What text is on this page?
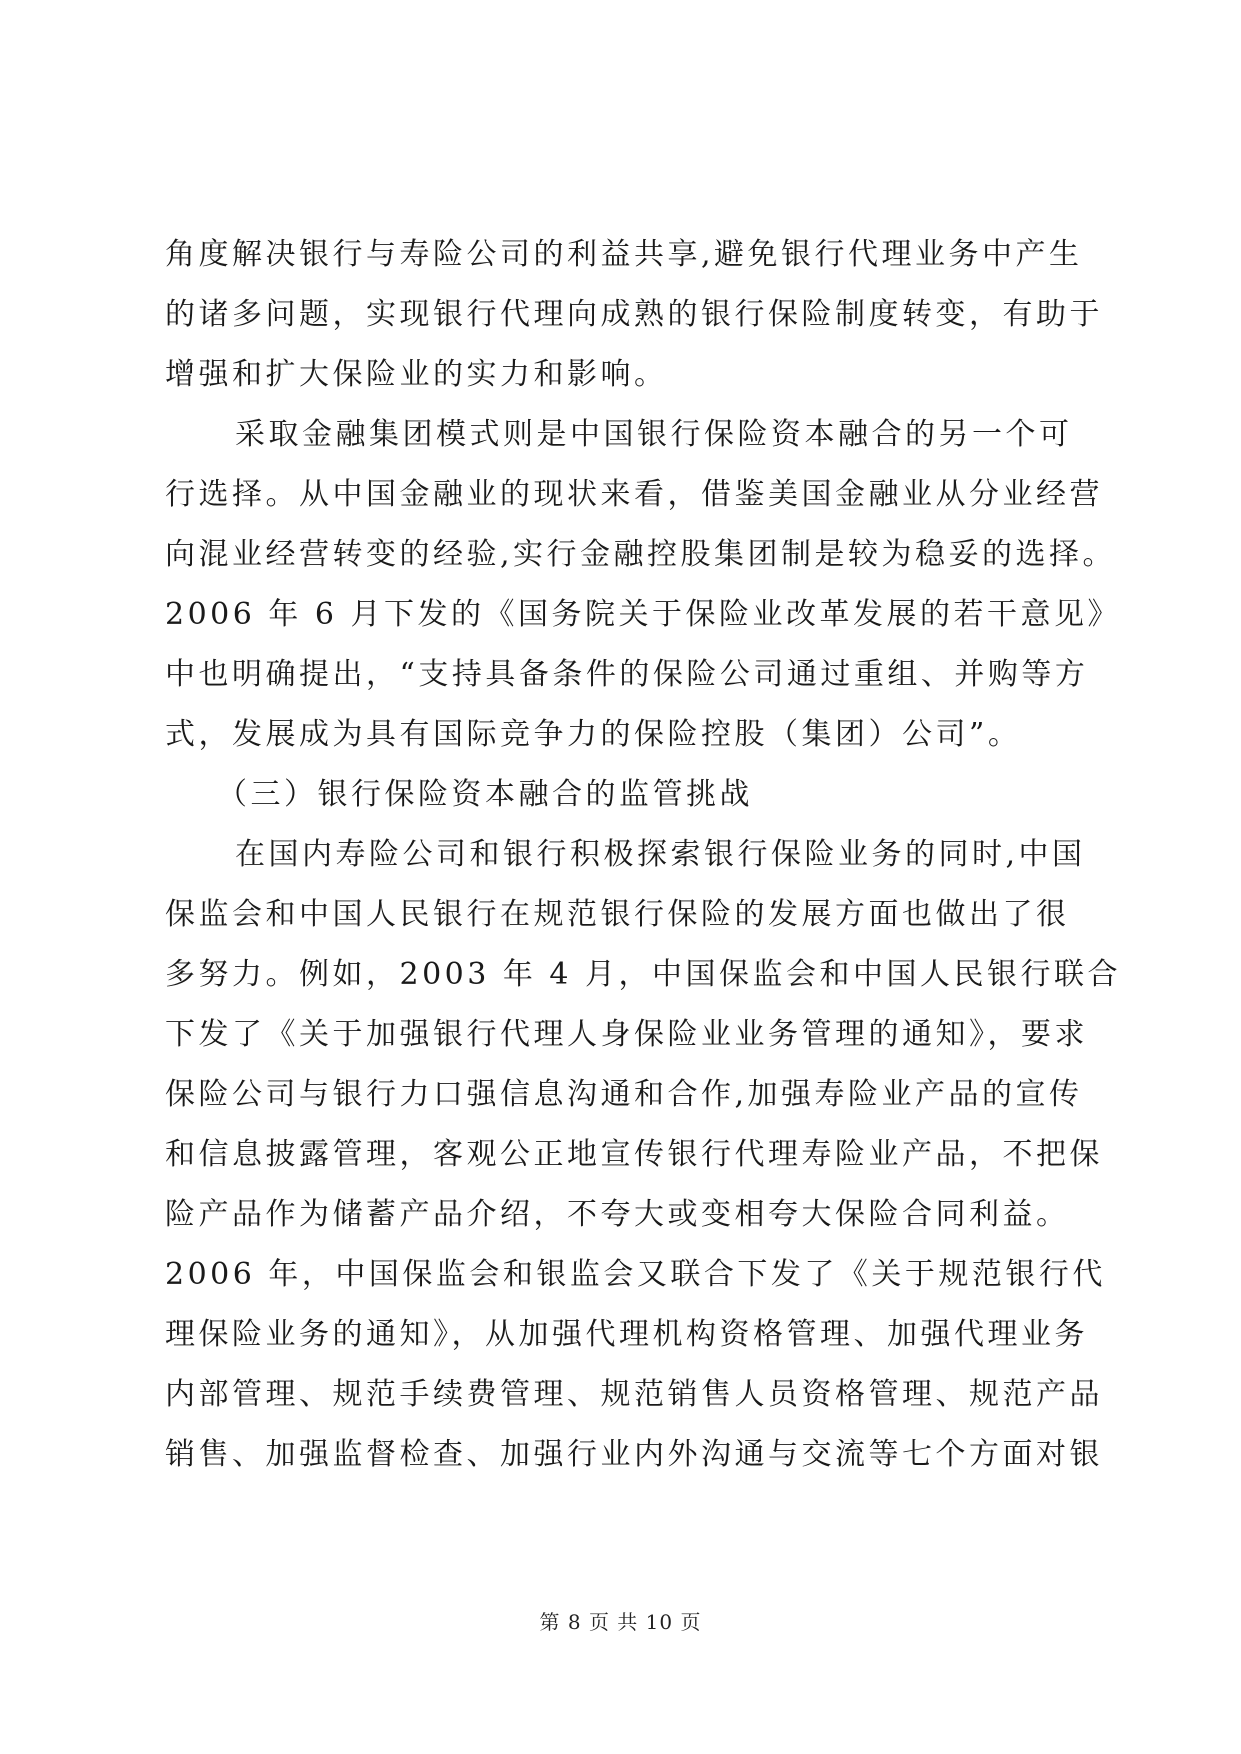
角度解决银行与寿险公司的利益共享,避免银行代理业务中产生
的诸多问题，实现银行代理向成熟的银行保险制度转变，有助于
增强和扩大保险业的实力和影响。
采取金融集团模式则是中国银行保险资本融合的另一个可
行选择。从中国金融业的现状来看，借鉴美国金融业从分业经营
向混业经营转变的经验,实行金融控股集团制是较为稳妥的选择。
2006 年 6 月下发的《国务院关于保险业改革发展的若干意见》
中也明确提出，“支持具备条件的保险公司通过重组、并购等方
式，发展成为具有国际竞争力的保险控股（集团）公司”。
（三）银行保险资本融合的监管挑战
在国内寿险公司和银行积极探索银行保险业务的同时,中国
保监会和中国人民银行在规范银行保险的发展方面也做出了很
多努力。例如，2003 年 4 月，中国保监会和中国人民银行联合
下发了《关于加强银行代理人身保险业业务管理的通知》，要求
保险公司与银行力口强信息沟通和合作,加强寿险业产品的宣传
和信息披露管理，客观公正地宣传银行代理寿险业产品，不把保
险产品作为储蓄产品介绍，不夸大或变相夸大保险合同利益。
2006 年，中国保监会和银监会又联合下发了《关于规范银行代
理保险业务的通知》，从加强代理机构资格管理、加强代理业务
内部管理、规范手续费管理、规范销售人员资格管理、规范产品
销售、加强监督检查、加强行业内外沟通与交流等七个方面对银
第 8 页 共 10 页
